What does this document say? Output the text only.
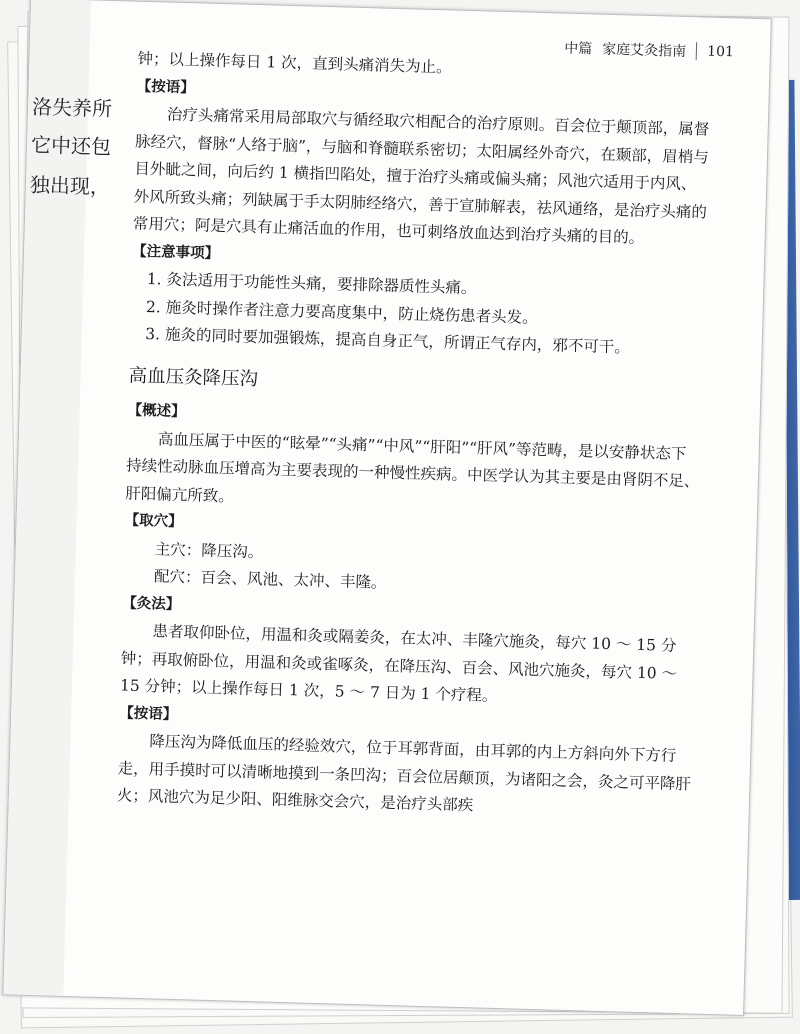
洛失养所
它中还包
独出现，
中篇 家庭艾灸指南 101

钟；以上操作每日 1 次，直到头痛消失为止。

【按语】

治疗头痛常采用局部取穴与循经取穴相配合的治疗原则。百会位于颠顶部，属督脉经穴，督脉“人络于脑”，与脑和脊髓联系密切；太阳属经外奇穴，在颞部，眉梢与目外眦之间，向后约 1 横指凹陷处，擅于治疗头痛或偏头痛；风池穴适用于内风、外风所致头痛；列缺属于手太阴肺经络穴，善于宣肺解表，祛风通络，是治疗头痛的常用穴；阿是穴具有止痛活血的作用，也可刺络放血达到治疗头痛的目的。

【注意事项】

1. 灸法适用于功能性头痛，要排除器质性头痛。

2. 施灸时操作者注意力要高度集中，防止烧伤患者头发。

3. 施灸的同时要加强锻炼，提高自身正气，所谓正气存内，邪不可干。

高血压灸降压沟

【概述】

高血压属于中医的“眩晕”“头痛”“中风”“肝阳”“肝风”等范畴，是以安静状态下持续性动脉血压增高为主要表现的一种慢性疾病。中医学认为其主要是由肾阴不足、肝阳偏亢所致。

【取穴】

主穴：降压沟。

配穴：百会、风池、太冲、丰隆。

【灸法】

患者取仰卧位，用温和灸或隔姜灸，在太冲、丰隆穴施灸，每穴 10 ～ 15 分钟；再取俯卧位，用温和灸或雀啄灸，在降压沟、百会、风池穴施灸，每穴 10 ～ 15 分钟；以上操作每日 1 次，5 ～ 7 日为 1 个疗程。

【按语】

降压沟为降低血压的经验效穴，位于耳郭背面，由耳郭的内上方斜向外下方行走，用手摸时可以清晰地摸到一条凹沟；百会位居颠顶，为诸阳之会，灸之可平降肝火；风池穴为足少阳、阳维脉交会穴，是治疗头部疾
